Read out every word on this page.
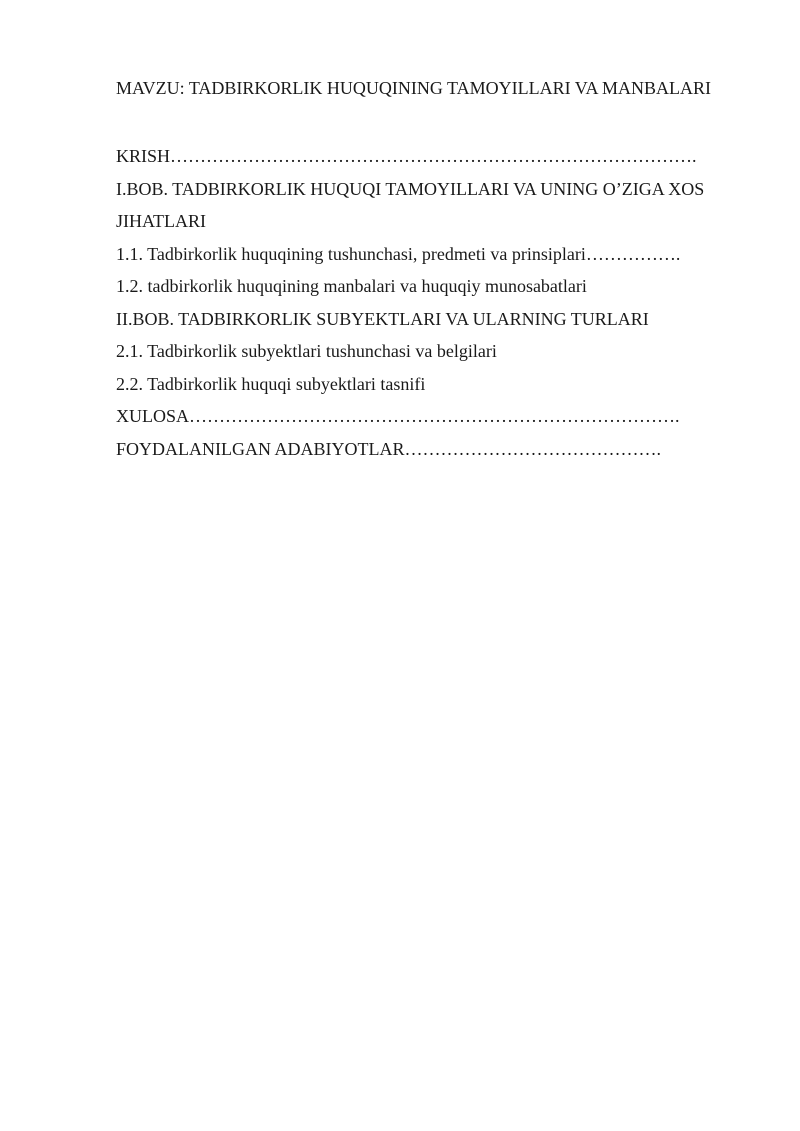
MAVZU: TADBIRKORLIK HUQUQINING TAMOYILLARI VA MANBALARI
KRISH…………………………………………………………………………….
I.BOB. TADBIRKORLIK HUQUQI TAMOYILLARI VA UNING O’ZIGA XOS JIHATLARI
1.1. Tadbirkorlik huquqining tushunchasi, predmeti va prinsiplari…………….
1.2. tadbirkorlik huquqining manbalari va huquqiy munosabatlari
II.BOB. TADBIRKORLIK SUBYEKTLARI VA ULARNING TURLARI
2.1. Tadbirkorlik subyektlari tushunchasi va belgilari
2.2. Tadbirkorlik huquqi subyektlari tasnifi
XULOSA……………………………………………………………………….
FOYDALANILGAN ADABIYOTLAR…………………………………….
